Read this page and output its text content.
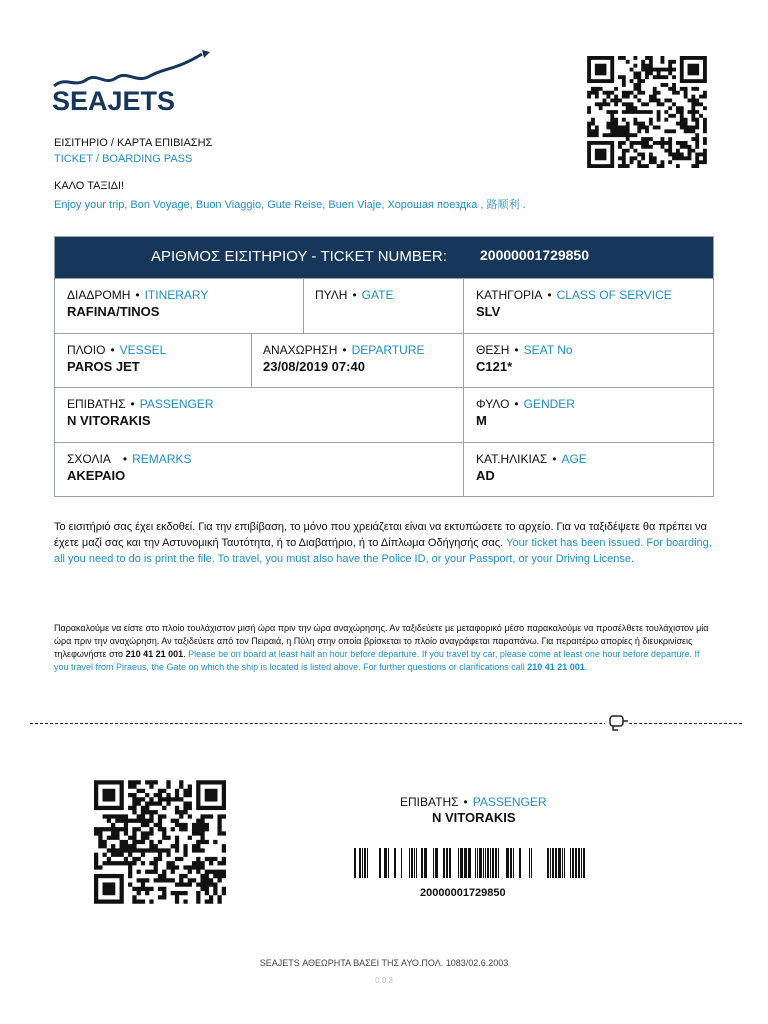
SEAJETS
ΕΙΣΙΤΗΡΙΟ / ΚΑΡΤΑ ΕΠΙΒΙΑΣΗΣ
TICKET / BOARDING PASS
ΚΑΛΟ ΤΑΞΙΔΙ!
Enjoy your trip, Bon Voyage, Buon Viaggio, Gute Reise, Buen Viaje, Хорошая поездка , 路顺利 .
ΑΡΙΘΜΟΣ ΕΙΣΙΤΗΡΙΟΥ - TICKET NUMBER: 20000001729850
ΔΙΑΔΡΟΜΗ • ITINERARY
RAFINA/TINOS
ΠΥΛΗ • GATE	ΚΑΤΗΓΟΡΙΑ • CLASS OF SERVICE
SLV
ΠΛΟΙΟ • VESSEL
PAROS JET
ΑΝΑΧΩΡΗΣΗ • DEPARTURE
23/08/2019 07:40
ΘΕΣΗ • SEAT No
C121*
ΕΠΙΒΑΤΗΣ • PASSENGER
N VITORAKIS
ΦΥΛΟ • GENDER
M
ΣΧΟΛΙΑ • REMARKS
ΑΚΕΡΑΙΟ
ΚΑΤ.ΗΛΙΚΙΑΣ • AGE
AD
Το εισιτήριό σας έχει εκδοθεί. Για την επιβίβαση, το μόνο που χρειάζεται είναι να εκτυπώσετε το αρχείο. Για να ταξιδέψετε θα πρέπει να έχετε μαζί σας και την Αστυνομική Ταυτότητα, ή το Διαβατήριο, ή το Δίπλωμα Οδήγησής σας. Your ticket has been issued. For boarding, all you need to do is print the file. To travel, you must also have the Police ID, or your Passport, or your Driving License.
Παρακαλούμε να είστε στο πλοίο τουλάχιστον μισή ώρα πριν την ώρα αναχώρησης. Αν ταξιδεύετε με μεταφορικό μέσο παρακαλούμε να προσέλθετε τουλάχιστον μία ώρα πριν την αναχώρηση. Αν ταξιδεύετε από τον Πειραιά, η Πύλη στην οποία βρίσκεται το πλοίο αναγράφεται παραπάνω. Για περαιτέρω απορίες ή διευκρινίσεις τηλεφωνήστε στο 210 41 21 001. Please be on board at least half an hour before departure. If you travel by car, please come at least one hour before departure. If you travel from Piraeus, the Gate on which the ship is located is listed above. For further questions or clarifications call 210 41 21 001.
ΕΠΙΒΑΤΗΣ • PASSENGER
N VITORAKIS
20000001729850
SEAJETS ΑΘΕΩΡΗΤΑ ΒΑΣΕΙ ΤΗΣ ΑΥΟ.ΠΟΛ. 1083/02.6.2003
0.0.3
